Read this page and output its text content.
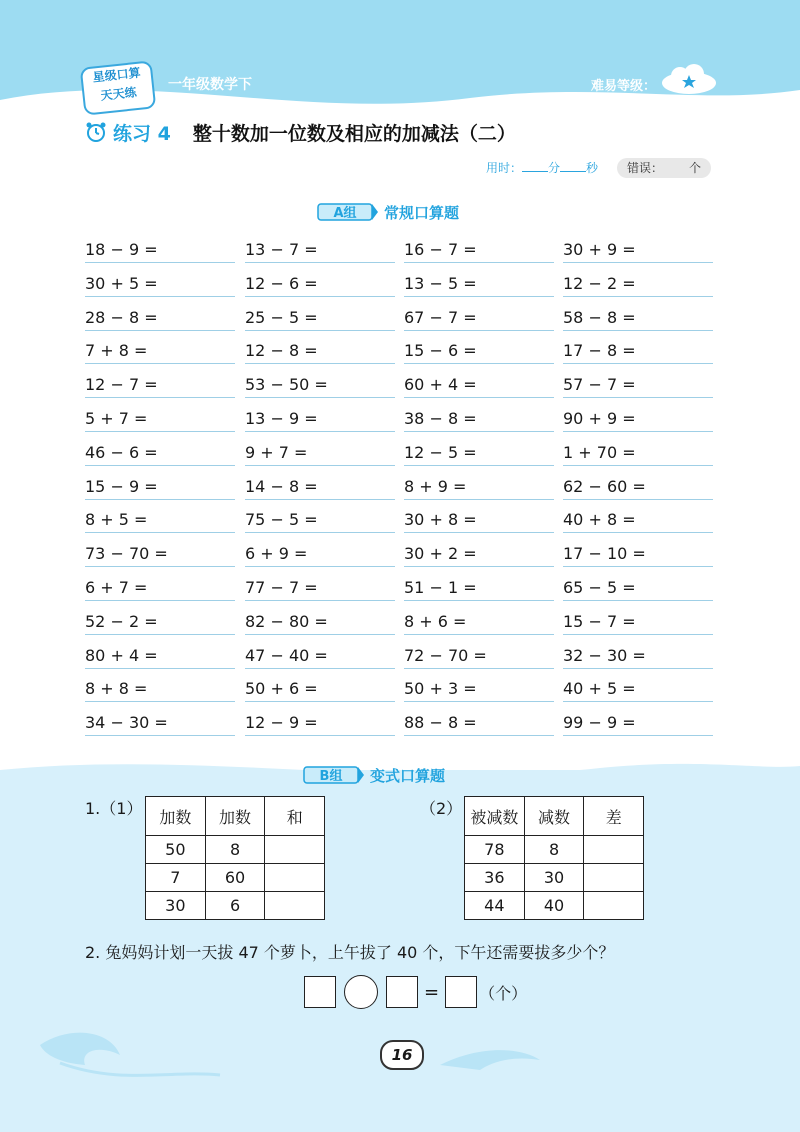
星级口算
天天练
一年级数学下	难易等级：
练习 4 整十数加一位数及相应的加减法（二）
用时： 分 秒 错误： 个
A组 常规口算题
18 − 9 =	13 − 7 =	16 − 7 =	30 + 9 =
30 + 5 =	12 − 6 =	13 − 5 =	12 − 2 =
28 − 8 =	25 − 5 =	67 − 7 =	58 − 8 =
7 + 8 =	12 − 8 =	15 − 6 =	17 − 8 =
12 − 7 =	53 − 50 =	60 + 4 =	57 − 7 =
5 + 7 =	13 − 9 =	38 − 8 =	90 + 9 =
46 − 6 =	9 + 7 =	12 − 5 =	1 + 70 =
15 − 9 =	14 − 8 =	8 + 9 =	62 − 60 =
8 + 5 =	75 − 5 =	30 + 8 =	40 + 8 =
73 − 70 =	6 + 9 =	30 + 2 =	17 − 10 =
6 + 7 =	77 − 7 =	51 − 1 =	65 − 5 =
52 − 2 =	82 − 80 =	8 + 6 =	15 − 7 =
80 + 4 =	47 − 40 =	72 − 70 =	32 − 30 =
8 + 8 =	50 + 6 =	50 + 3 =	40 + 5 =
34 − 30 =	12 − 9 =	88 − 8 =	99 − 9 =
B组 变式口算题
1.（1） 加数	加数	和
50	8	
7	60	
30	6	
（2） 被减数	减数	差
78	8	
36	30	
44	40	
2. 兔妈妈计划一天拔 47 个萝卜，上午拔了 40 个，下午还需要拔多少个？
=	（个）
16
